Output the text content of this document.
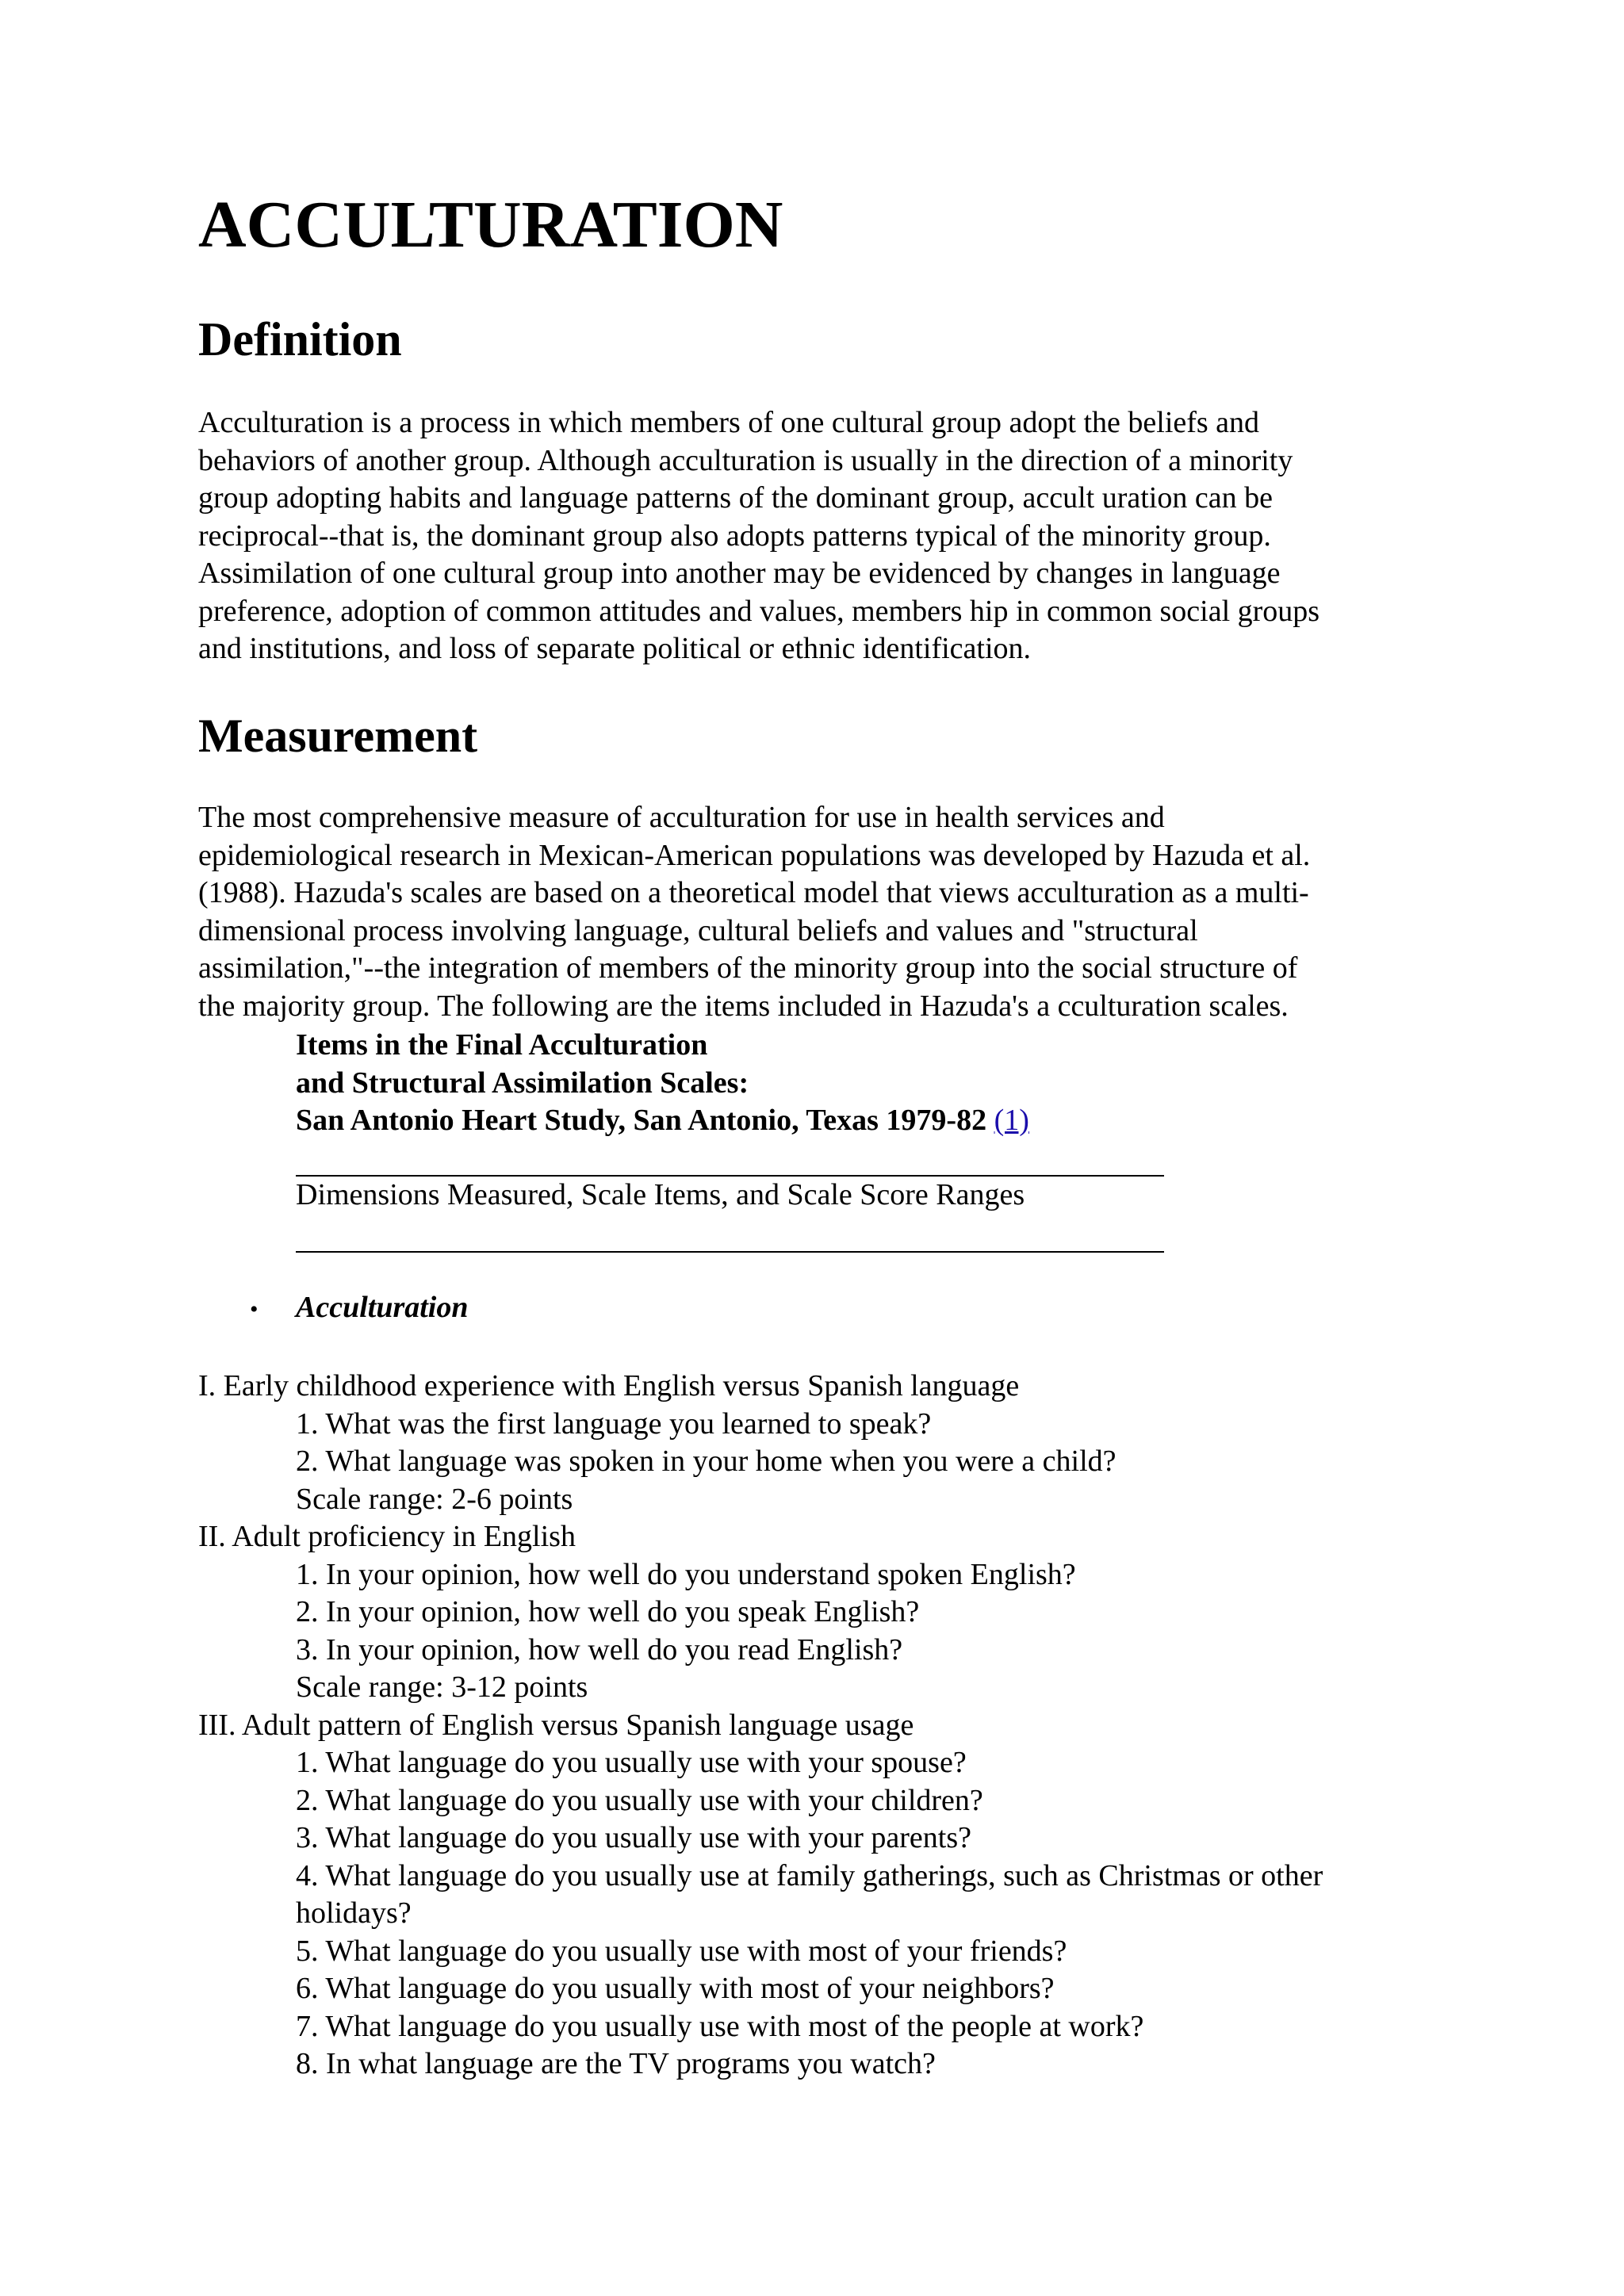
ACCULTURATION
Definition
Acculturation is a process in which members of one cultural group adopt the beliefs and
behaviors of another group. Although acculturation is usually in the direction of a minority
group adopting habits and language patterns of the dominant group, accult uration can be
reciprocal--that is, the dominant group also adopts patterns typical of the minority group.
Assimilation of one cultural group into another may be evidenced by changes in language
preference, adoption of common attitudes and values, members hip in common social groups
and institutions, and loss of separate political or ethnic identification.
Measurement
The most comprehensive measure of acculturation for use in health services and
epidemiological research in Mexican-American populations was developed by Hazuda et al.
(1988). Hazuda's scales are based on a theoretical model that views acculturation as a multi-
dimensional process involving language, cultural beliefs and values and "structural
assimilation,"--the integration of members of the minority group into the social structure of
the majority group. The following are the items included in Hazuda's a cculturation scales.
Items in the Final Acculturation
and Structural Assimilation Scales:
San Antonio Heart Study, San Antonio, Texas 1979-82 (1)
Dimensions Measured, Scale Items, and Scale Score Ranges
• Acculturation
I. Early childhood experience with English versus Spanish language
1. What was the first language you learned to speak?
2. What language was spoken in your home when you were a child?
Scale range: 2-6 points
II. Adult proficiency in English
1. In your opinion, how well do you understand spoken English?
2. In your opinion, how well do you speak English?
3. In your opinion, how well do you read English?
Scale range: 3-12 points
III. Adult pattern of English versus Spanish language usage
1. What language do you usually use with your spouse?
2. What language do you usually use with your children?
3. What language do you usually use with your parents?
4. What language do you usually use at family gatherings, such as Christmas or other holidays?
5. What language do you usually use with most of your friends?
6. What language do you usually with most of your neighbors?
7. What language do you usually use with most of the people at work?
8. In what language are the TV programs you watch?
